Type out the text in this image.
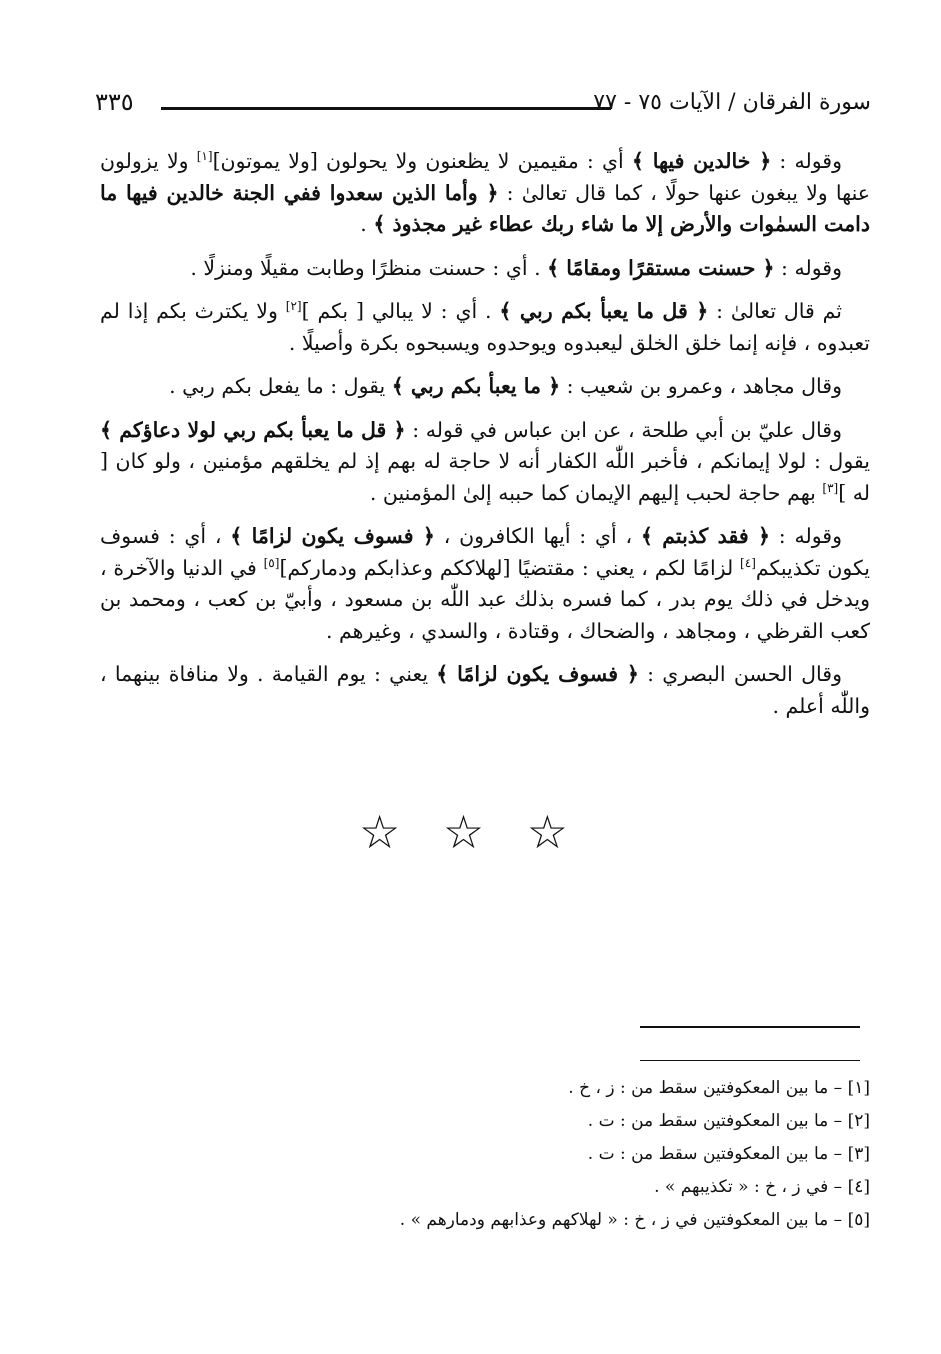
سورة الفرقان / الآيات ٧٥ - ٧٧
٣٣٥

وقوله : ﴿ خالدين فيها ﴾ أي : مقيمين لا يظعنون ولا يحولون [ولا يموتون][١] ولا يزولون عنها ولا يبغون عنها حولًا ، كما قال تعالىٰ : ﴿ وأما الذين سعدوا ففي الجنة خالدين فيها ما دامت السمٰوات والأرض إلا ما شاء ربك عطاء غير مجذوذ ﴾ .

وقوله : ﴿ حسنت مستقرًا ومقامًا ﴾ . أي : حسنت منظرًا وطابت مقيلًا ومنزلًا .

ثم قال تعالىٰ : ﴿ قل ما يعبأ بكم ربي ﴾ . أي : لا يبالي [ بكم ][٢] ولا يكترث بكم إذا لم تعبدوه ، فإنه إنما خلق الخلق ليعبدوه ويوحدوه ويسبحوه بكرة وأصيلًا .

وقال مجاهد ، وعمرو بن شعيب : ﴿ ما يعبأ بكم ربي ﴾ يقول : ما يفعل بكم ربي .

وقال عليّ بن أبي طلحة ، عن ابن عباس في قوله : ﴿ قل ما يعبأ بكم ربي لولا دعاؤكم ﴾ يقول : لولا إيمانكم ، فأخبر اللّٰه الكفار أنه لا حاجة له بهم إذ لم يخلقهم مؤمنين ، ولو كان [ له ][٣] بهم حاجة لحبب إليهم الإيمان كما حببه إلىٰ المؤمنين .

وقوله : ﴿ فقد كذبتم ﴾ ، أي : أيها الكافرون ، ﴿ فسوف يكون لزامًا ﴾ ، أي : فسوف يكون تكذيبكم[٤] لزامًا لكم ، يعني : مقتضيًا [لهلاككم وعذابكم ودماركم][٥] في الدنيا والآخرة ، ويدخل في ذلك يوم بدر ، كما فسره بذلك عبد اللّٰه بن مسعود ، وأبيّ بن كعب ، ومحمد بن كعب القرظي ، ومجاهد ، والضحاك ، وقتادة ، والسدي ، وغيرهم .

وقال الحسن البصري : ﴿ فسوف يكون لزامًا ﴾ يعني : يوم القيامة . ولا منافاة بينهما ، واللّٰه أعلم .

☆ ☆ ☆
[١] – ما بين المعكوفتين سقط من : ز ، خ .
[٢] – ما بين المعكوفتين سقط من : ت .
[٣] – ما بين المعكوفتين سقط من : ت .
[٤] – في ز ، خ : « تكذيبهم » .
[٥] – ما بين المعكوفتين في ز ، خ : « لهلاكهم وعذابهم ودمارهم » .
